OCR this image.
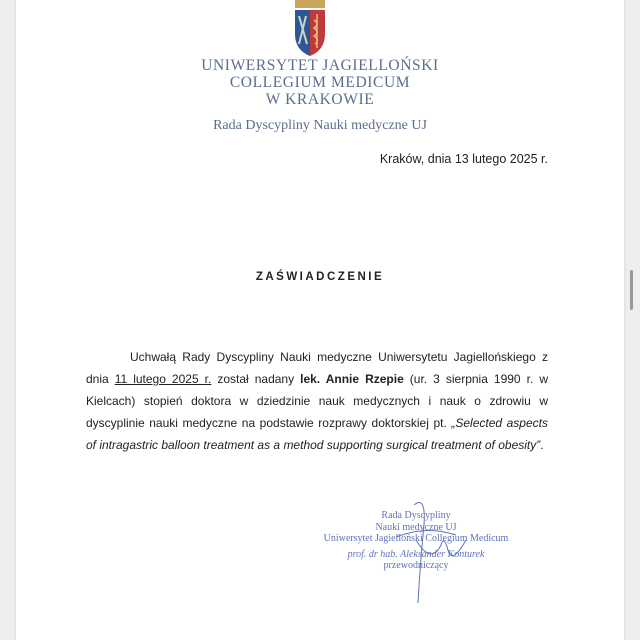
UNIWERSYTET JAGIELLOŃSKI
COLLEGIUM MEDICUM
W KRAKOWIE
Rada Dyscypliny Nauki medyczne UJ
Kraków, dnia 13 lutego 2025 r.
ZAŚWIADCZENIE
Uchwałą Rady Dyscypliny Nauki medyczne Uniwersytetu Jagiellońskiego z dnia 11 lutego 2025 r. został nadany lek. Annie Rzepie (ur. 3 sierpnia 1990 r. w Kielcach) stopień doktora w dziedzinie nauk medycznych i nauk o zdrowiu w dyscyplinie nauki medyczne na podstawie rozprawy doktorskiej pt. „Selected aspects of intragastric balloon treatment as a method supporting surgical treatment of obesity”.
Rada Dyscypliny
Nauki medyczne UJ
Uniwersytet Jagielloński Collegium Medicum
prof. dr hab. Aleksander Konturek
przewodniczący
